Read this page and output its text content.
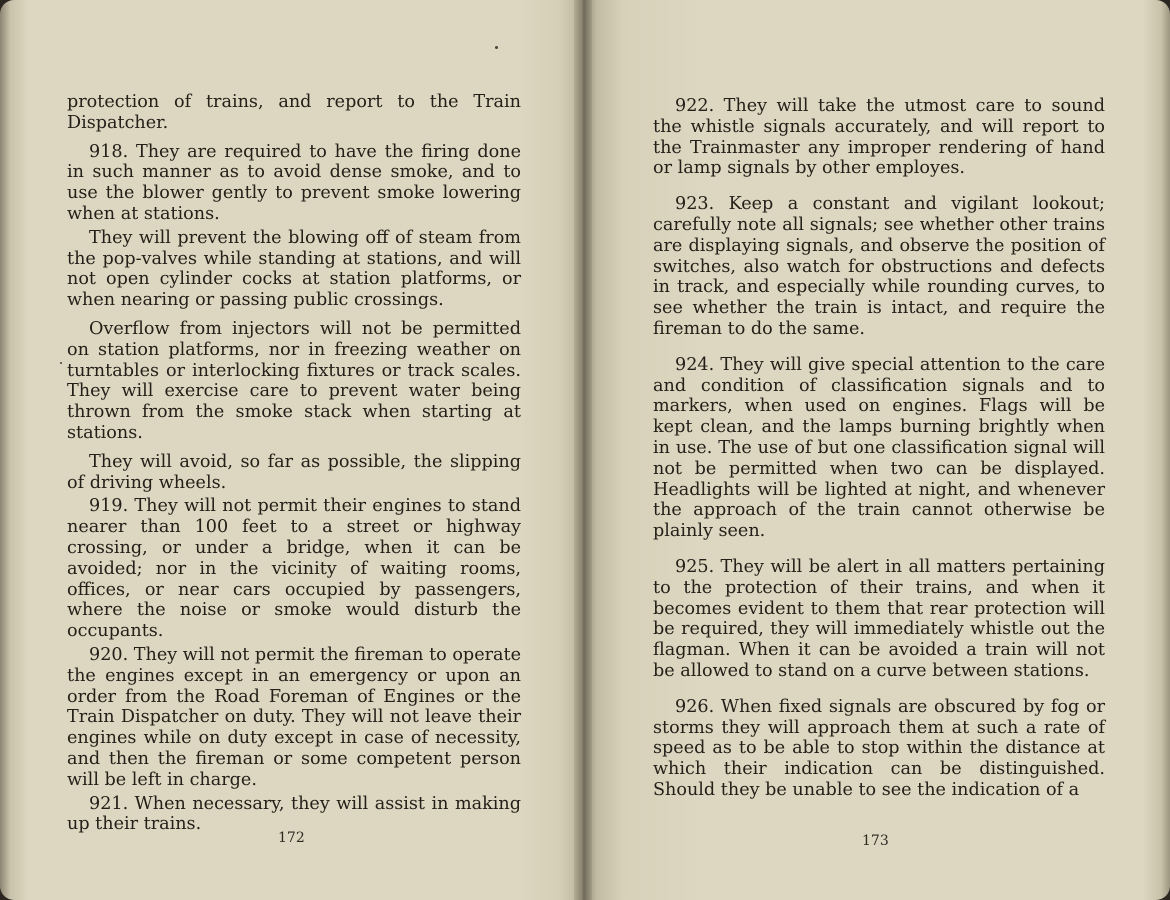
protection of trains, and report to the Train Dispatcher.

918. They are required to have the firing done in such manner as to avoid dense smoke, and to use the blower gently to prevent smoke lowering when at stations.

They will prevent the blowing off of steam from the pop-valves while standing at stations, and will not open cylinder cocks at station platforms, or when nearing or passing public crossings.

Overflow from injectors will not be permitted on station platforms, nor in freezing weather on turntables or interlocking fixtures or track scales. They will exercise care to prevent water being thrown from the smoke stack when starting at stations.

They will avoid, so far as possible, the slipping of driving wheels.

919. They will not permit their engines to stand nearer than 100 feet to a street or highway crossing, or under a bridge, when it can be avoided; nor in the vicinity of waiting rooms, offices, or near cars occupied by passengers, where the noise or smoke would disturb the occupants.

920. They will not permit the fireman to operate the engines except in an emergency or upon an order from the Road Foreman of Engines or the Train Dispatcher on duty. They will not leave their engines while on duty except in case of necessity, and then the fireman or some competent person will be left in charge.

921. When necessary, they will assist in making up their trains.

172

922. They will take the utmost care to sound the whistle signals accurately, and will report to the Trainmaster any improper rendering of hand or lamp signals by other employes.

923. Keep a constant and vigilant lookout; carefully note all signals; see whether other trains are displaying signals, and observe the position of switches, also watch for obstructions and defects in track, and especially while rounding curves, to see whether the train is intact, and require the fireman to do the same.

924. They will give special attention to the care and condition of classification signals and to markers, when used on engines. Flags will be kept clean, and the lamps burning brightly when in use. The use of but one classification signal will not be permitted when two can be displayed. Headlights will be lighted at night, and whenever the approach of the train cannot otherwise be plainly seen.

925. They will be alert in all matters pertaining to the protection of their trains, and when it becomes evident to them that rear protection will be required, they will immediately whistle out the flagman. When it can be avoided a train will not be allowed to stand on a curve between stations.

926. When fixed signals are obscured by fog or storms they will approach them at such a rate of speed as to be able to stop within the distance at which their indication can be distinguished. Should they be unable to see the indication of a

173
